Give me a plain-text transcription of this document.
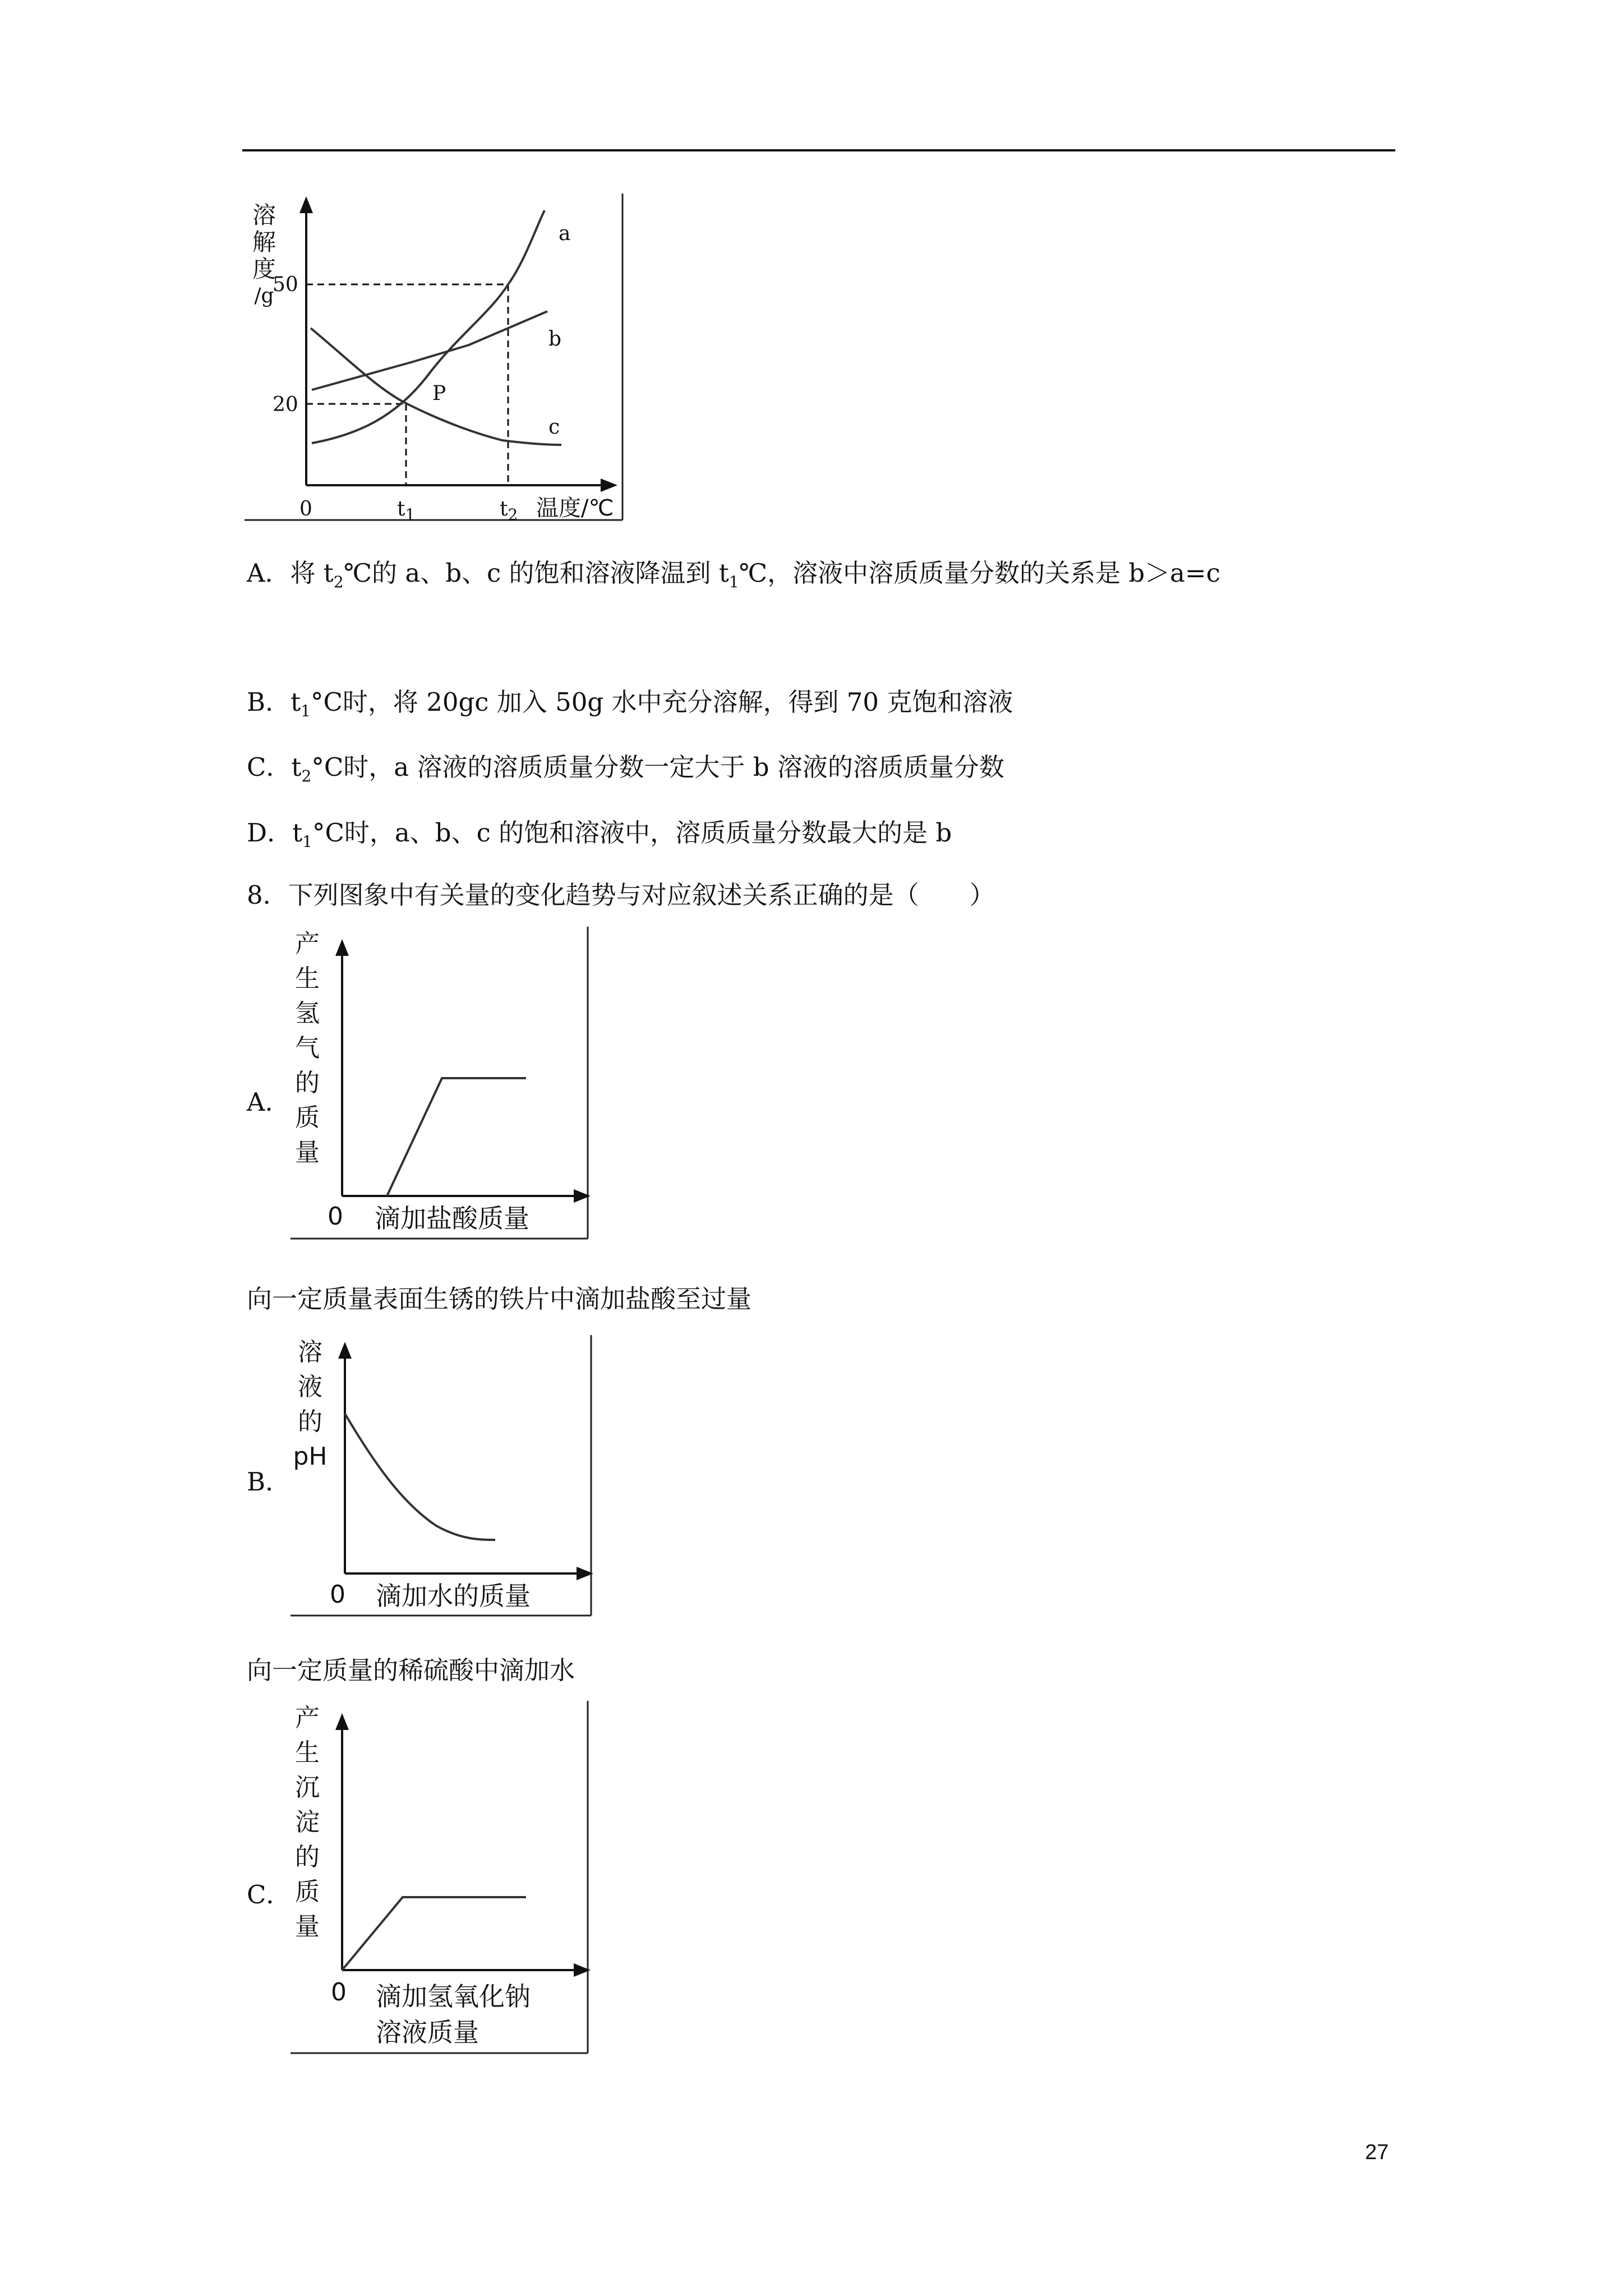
溶
解
度
/g
50
20
0	$t_1$	$t_2$ 温度/℃
P
a
b
c
A．将 $t_2℃$的 a、b、c 的饱和溶液降温到 $t_1℃$，溶液中溶质质量分数的关系是 b＞a=c
B．$t_1^\circ C$时，将 20gc 加入 50g 水中充分溶解，得到 70 克饱和溶液
C．$t_2^\circ C$时，a 溶液的溶质质量分数一定大于 b 溶液的溶质质量分数
D．$t_1^\circ C$时，a、b、c 的饱和溶液中，溶质质量分数最大的是 b
8．下列图象中有关量的变化趋势与对应叙述关系正确的是（　　）
A．
产
生
氢
气
的
质
量
0 滴加盐酸质量
向一定质量表面生锈的铁片中滴加盐酸至过量
B．
溶
液
的
pH
0 滴加水的质量
向一定质量的稀硫酸中滴加水
C．
产
生
沉
淀
的
质
量
0 滴加氢氧化钠
溶液质量
27
